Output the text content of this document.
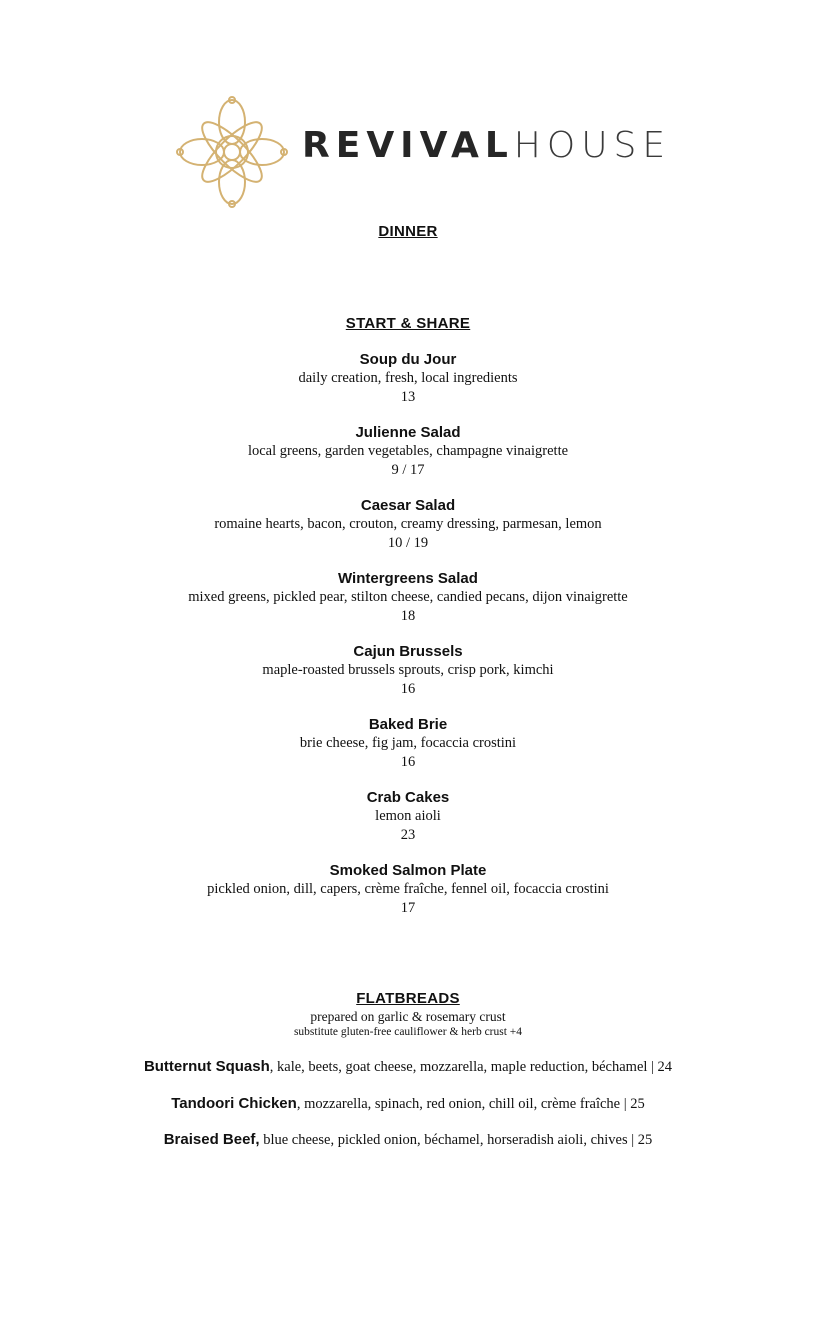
REVIVALHOUSE
DINNER
START & SHARE
Soup du Jour
daily creation, fresh, local ingredients
13
Julienne Salad
local greens, garden vegetables, champagne vinaigrette
9 / 17
Caesar Salad
romaine hearts, bacon, crouton, creamy dressing, parmesan, lemon
10 / 19
Wintergreens Salad
mixed greens, pickled pear, stilton cheese, candied pecans, dijon vinaigrette
18
Cajun Brussels
maple-roasted brussels sprouts, crisp pork, kimchi
16
Baked Brie
brie cheese, fig jam, focaccia crostini
16
Crab Cakes
lemon aioli
23
Smoked Salmon Plate
pickled onion, dill, capers, crème fraîche, fennel oil, focaccia crostini
17
FLATBREADS
prepared on garlic & rosemary crust
substitute gluten-free cauliflower & herb crust +4
Butternut Squash, kale, beets, goat cheese, mozzarella, maple reduction, béchamel | 24
Tandoori Chicken, mozzarella, spinach, red onion, chill oil, crème fraîche | 25
Braised Beef, blue cheese, pickled onion, béchamel, horseradish aioli, chives | 25
